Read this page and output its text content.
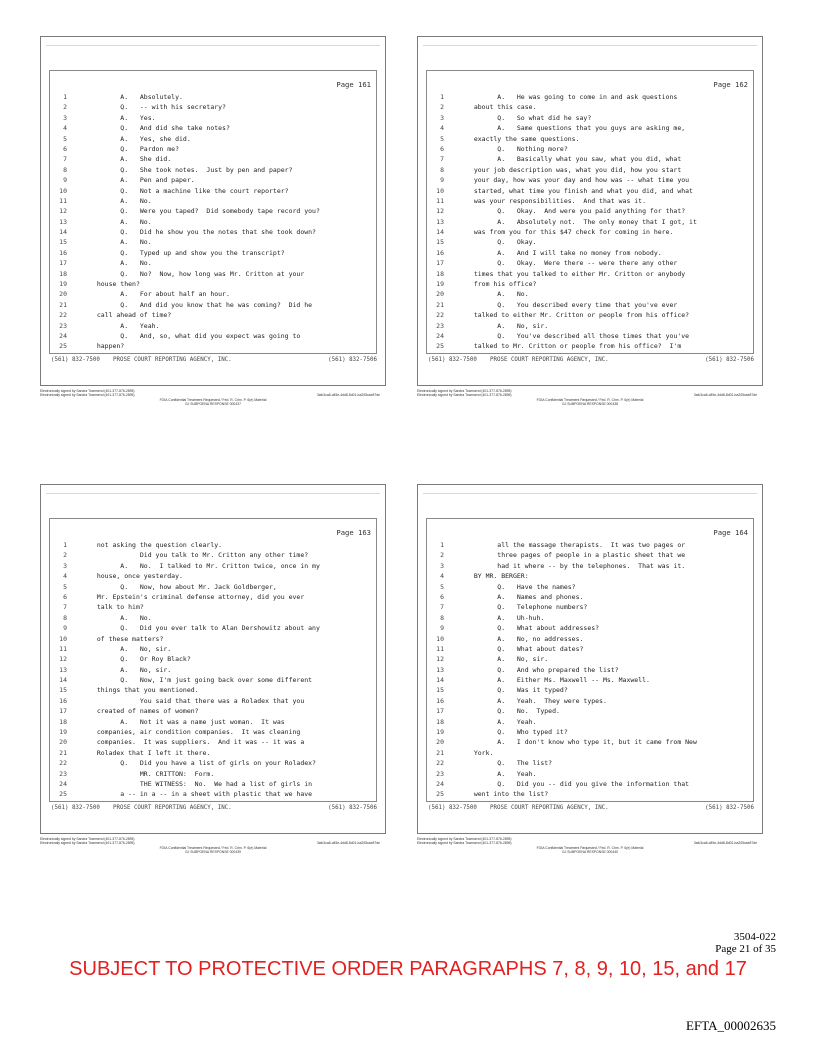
Page 161
1	A.   Absolutely.
2	Q.   -- with his secretary?
3	A.   Yes.
4	Q.   And did she take notes?
5	A.   Yes, she did.
6	Q.   Pardon me?
7	A.   She did.
8	Q.   She took notes.  Just by pen and paper?
9	A.   Pen and paper.
10	Q.   Not a machine like the court reporter?
11	A.   No.
12	Q.   Were you taped?  Did somebody tape record you?
13	A.   No.
14	Q.   Did he show you the notes that she took down?
15	A.   No.
16	Q.   Typed up and show you the transcript?
17	A.   No.
18	Q.   No?  Now, how long was Mr. Critton at your
19	house then?
20	A.   For about half an hour.
21	Q.   And did you know that he was coming?  Did he
22	call ahead of time?
23	A.   Yeah.
24	Q.   And, so, what did you expect was going to
25	happen?
(561) 832-7500 PROSE COURT REPORTING AGENCY, INC.	(561) 832-7506
Page 162
1	A.   He was going to come in and ask questions
2	about this case.
3	Q.   So what did he say?
4	A.   Same questions that you guys are asking me,
5	exactly the same questions.
6	Q.   Nothing more?
7	A.   Basically what you saw, what you did, what
8	your job description was, what you did, how you start
9	your day, how was your day and how was -- what time you
10	started, what time you finish and what you did, and what
11	was your responsibilities.  And that was it.
12	Q.   Okay.  And were you paid anything for that?
13	A.   Absolutely not.  The only money that I got, it
14	was from you for this $47 check for coming in here.
15	Q.   Okay.
16	A.   And I will take no money from nobody.
17	Q.   Okay.  Were there -- were there any other
18	times that you talked to either Mr. Critton or anybody
19	from his office?
20	A.   No.
21	Q.   You described every time that you've ever
22	talked to either Mr. Critton or people from his office?
23	A.   No, sir.
24	Q.   You've described all those times that you've
25	talked to Mr. Critton or people from his office?  I'm
(561) 832-7500 PROSE COURT REPORTING AGENCY, INC.	(561) 832-7506
Page 163
1	not asking the question clearly.
2	Did you talk to Mr. Critton any other time?
3	A.   No.  I talked to Mr. Critton twice, once in my
4	house, once yesterday.
5	Q.   Now, how about Mr. Jack Goldberger,
6	Mr. Epstein's criminal defense attorney, did you ever
7	talk to him?
8	A.   No.
9	Q.   Did you ever talk to Alan Dershowitz about any
10	of these matters?
11	A.   No, sir.
12	Q.   Or Roy Black?
13	A.   No, sir.
14	Q.   Now, I'm just going back over some different
15	things that you mentioned.
16	You said that there was a Roladex that you
17	created of names of women?
18	A.   Not it was a name just woman.  It was
19	companies, air condition companies.  It was cleaning
20	companies.  It was suppliers.  And it was -- it was a
21	Roladex that I left it there.
22	Q.   Did you have a list of girls on your Roladex?
23	MR. CRITTON:  Form.
24	THE WITNESS:  No.  We had a list of girls in
25	a -- in a -- in a sheet with plastic that we have
(561) 832-7500 PROSE COURT REPORTING AGENCY, INC.	(561) 832-7506
Page 164
1	all the massage therapists.  It was two pages or
2	three pages of people in a plastic sheet that we
3	had it where -- by the telephones.  That was it.
4	BY MR. BERGER:
5	Q.   Have the names?
6	A.   Names and phones.
7	Q.   Telephone numbers?
8	A.   Uh-huh.
9	Q.   What about addresses?
10	A.   No, no addresses.
11	Q.   What about dates?
12	A.   No, sir.
13	Q.   And who prepared the list?
14	A.   Either Ms. Maxwell -- Ms. Maxwell.
15	Q.   Was it typed?
16	A.   Yeah.  They were types.
17	Q.   No.  Typed.
18	A.   Yeah.
19	Q.   Who typed it?
20	A.   I don't know who type it, but it came from New
21	York.
22	Q.   The list?
23	A.   Yeah.
24	Q.   Did you -- did you give the information that
25	went into the list?
(561) 832-7500 PROSE COURT REPORTING AGENCY, INC.	(561) 832-7506
Electronically signed by Sandra Townsend (401-377-876-2895)
Electronically signed by Sandra Townsend (401-377-876-2895)	3afc3ca6-c85e-4dd8-8d01-ba205cae87de
FOIA Confidential Treatment Requested / Fed. R. Crim. P. 6(e) Material
GJ SUBPOENA RESPONSE 000437
Electronically signed by Sandra Townsend (401-377-876-2895)
Electronically signed by Sandra Townsend (401-377-876-2895)	3afc3ca6-c85e-4dd8-8d01-ba205cae87de
FOIA Confidential Treatment Requested / Fed. R. Crim. P. 6(e) Material
GJ SUBPOENA RESPONSE 000438
Electronically signed by Sandra Townsend (401-377-876-2895)
Electronically signed by Sandra Townsend (401-377-876-2895)	3afc3ca6-c85e-4dd8-8d01-ba205cae87de
FOIA Confidential Treatment Requested / Fed. R. Crim. P. 6(e) Material
GJ SUBPOENA RESPONSE 000439
Electronically signed by Sandra Townsend (401-377-876-2895)
Electronically signed by Sandra Townsend (401-377-876-2895)	3afc3ca6-c85e-4dd8-8d01-ba205cae87de
FOIA Confidential Treatment Requested / Fed. R. Crim. P. 6(e) Material
GJ SUBPOENA RESPONSE 000440
3504-022
Page 21 of 35
SUBJECT TO PROTECTIVE ORDER PARAGRAPHS 7, 8, 9, 10, 15, and 17
EFTA_00002635
